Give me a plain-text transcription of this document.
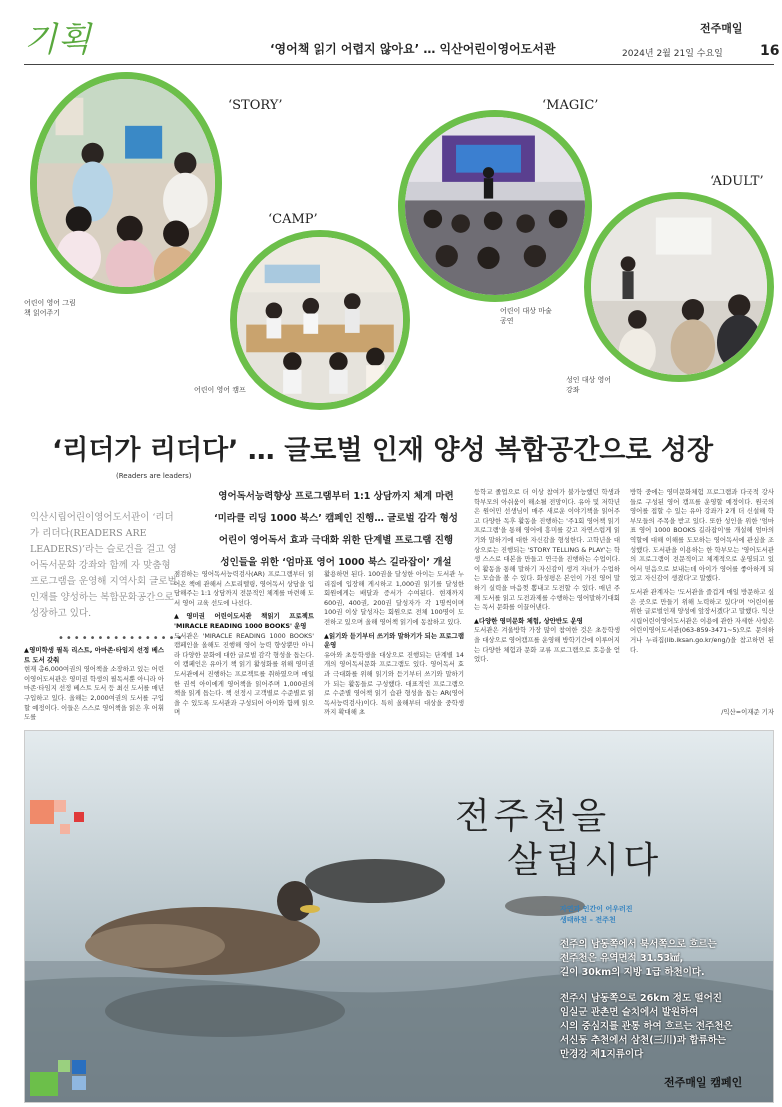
기획	‘영어책 읽기 어렵지 않아요’ … 익산어린이영어도서관
전주매일
2024년 2월 21일 수요일	16
‘STORY’
어린이 영어 그림
책 읽어주기
‘CAMP’
어린이 영어 캠프
‘MAGIC’
어린이 대상 마술
공연
‘ADULT’
성인 대상 영어
강좌
‘리더가 리더다’ … 글로벌 인재 양성 복합공간으로 성장
(Readers are leaders)
영어독서능력향상 프로그램부터 1:1 상담까지 체계 마련
‘미라클 리딩 1000 북스’ 캠페인 진행… 글로벌 감각 형성
어린이 영어독서 효과 극대화 위한 단계별 프로그램 진행
성인들을 위한 ‘엄마표 영어 1000 북스 길라잡이’ 개설
익산시립어린이영어도서관이 ‘리더가 리더다(READERS ARE LEADERS)’라는 슬로건을 걸고 영어독서문화 강좌와 함께 자 맞춤형 프로그램을 운영해 지역사회 글로벌 인재를 양성하는 복합문화공간으로 성장하고 있다.
••••••••••••••••
▲영미학생 필독 리스트, 아마존·타임지 선정 베스트 도서 갖춰
현재 총6,000여권의 영어책을 소장하고 있는 어린이영어도서관은 영미권 학생의 필독서뿐 아니라 아마존·타임지 선정 베스트 도서 등 최신 도서를 매년 구입하고 있다. 올해는 2,000여권의 도서를 구입할 예정이다. 이들은 스스로 영어책을 읽은 후 어휘도를
점검하는 영어독서능력검사(AR) 프로그램부터 읽어온 책에 관해서 스토리텔링, 영어독서 상담을 입담해주는 1:1 상담까지 전문적인 체계를 마련해 도서 영어 교육 선도에 나선다.
▲영미권 어린이도서관 책읽기 프로젝트 'MIRACLE READING 1000 BOOKS' 운영
도서관은 'MIRACLE READING 1000 BOOKS' 캠페인을 올해도 진행해 영어 능력 향상뿐만 아니라 다양한 문화에 대한 글로벌 감각 형성을 돕는다. 이 캠페인은 유아기 책 읽기 활성화를 위해 영미권 도서관에서 진행하는 프로젝트를 취하였으며 매일 한 권씩 아이에게 영어책을 읽어주며 1,000권의 책을 읽게 돕는다. 책 선정시 고객별로 수준별로 읽을 수 있도록 도서관과 구성되어 아이와 함께 읽으며
활용하면 된다. 100권을 달성한 아이는 도서관 누리집에 입장해 게시하고 1,000권 읽기를 달성한 회원에게는 배달과 증서가 수여된다. 현재까지 600권, 400권, 200권 달성자가 각 1명씩이며 100권 이상 달성자는 회원으로 전체 100명이 도전하고 있으며 올해 영어책 읽기에 동참하고 있다.
▲읽기와 듣기부터 쓰기와 말하기가 되는 프로그램 운영
유아와 초등학생을 대상으로 진행되는 단계별 14개의 영어독서문화 프로그램도 있다. 영어독서 효과 극대화를 위해 읽기와 듣기부터 쓰기와 말하기가 되는 활동들로 구성했다. 대표적인 프로그램으로 수준별 영어책 읽기 습관 형성을 돕는 AR(영어독서능력검사)이다. 특히 올해부터 대상을 중학생까지 확대해 초
등학교 졸업으로 더 이상 참여가 불가능했던 학생과 학부모의 아쉬움이 해소될 전망이다. 유아 및 저학년은 원어민 선생님이 매주 새로운 이야기책을 읽어주고 다양한 독후 활동을 진행하는 '주1회 영어책 읽기 프로그램'을 통해 영어에 흥미를 갖고 자연스럽게 읽기와 말하기에 대한 자신감을 형성한다. 고학년을 대상으로는 진행되는 'STORY TELLING & PLAY'는 학생 스스로 대본을 만들고 연극을 진행하는 수업이다. 이 활동을 통해 말하기 자신감이 생겨 자녀가 수업하는 모습을 볼 수 있다. 화성평은 본인이 가진 영어 말하기 실력을 마음껏 뽐내고 도전할 수 있다. 매년 주제 도서를 읽고 도전과제를 수행하는 영어말하기대회는 독서 문화를 이끌어낸다.
▲다양한 영미문화 체험, 상안반도 운영
도서관은 겨울방학 가장 많이 참여한 것은 초등학생을 대상으로 영어캠프를 운영해 방학기간에 이루어지는 다양한 체험과 문화 교류 프로그램으로 호응을 얻었다.
방학 중에는 영미문화체험 프로그램과 다국적 강사들로 구성된 영어 캠프를 운영할 예정이다. 원국의 영어를 접할 수 있는 유아 강좌가 2개 더 신설해 학부모들의 주목을 받고 있다. 또한 성인을 위한 '엄마표 영어 1000 BOOKS 길라잡이'를 개설해 엄마의 역할에 대해 이해를 도모하는 영어독서에 관심을 조성했다. 도서관을 이용하는 한 학부모는 '영어도서관의 프로그램이 전문적이고 체계적으로 운영되고 있어서 믿음으로 보내는데 아이가 영어를 좋아하게 되었고 자신감이 생겼다'고 말했다.
도서관 관계자는 '도서관을 즐겁게 매일 방문하고 싶은 곳으로 만들기 위해 노력하고 있다'며 '어린이를 위한 글로벌인재 양성에 앞장서겠다'고 말했다. 익산시립어린이영어도서관은 이용에 관한 자세한 사항은 어린이영어도서관(063-859-3471~5)으로 문의하거나 누리집(lib.iksan.go.kr/eng/)을 참고하면 된다.
/익산=이재준 기자
전주천을
살립시다
자연과 인간이 어우러진
생태하천 – 전주천
전주의 남동쪽에서 북서쪽으로 흐르는
전주천은 유역면적 31.53㎢,
길이 30km의 지방 1급 하천이다.
전주시 남동쪽으로 26km 정도 떨어진
임실군 관촌면 슬치에서 발원하여
시의 중심지를 관통 하여 흐르는 전주천은
서신동 추천에서 삼천(三川)과 합류하는
만경강 제1지류이다
전주매일 캠페인
